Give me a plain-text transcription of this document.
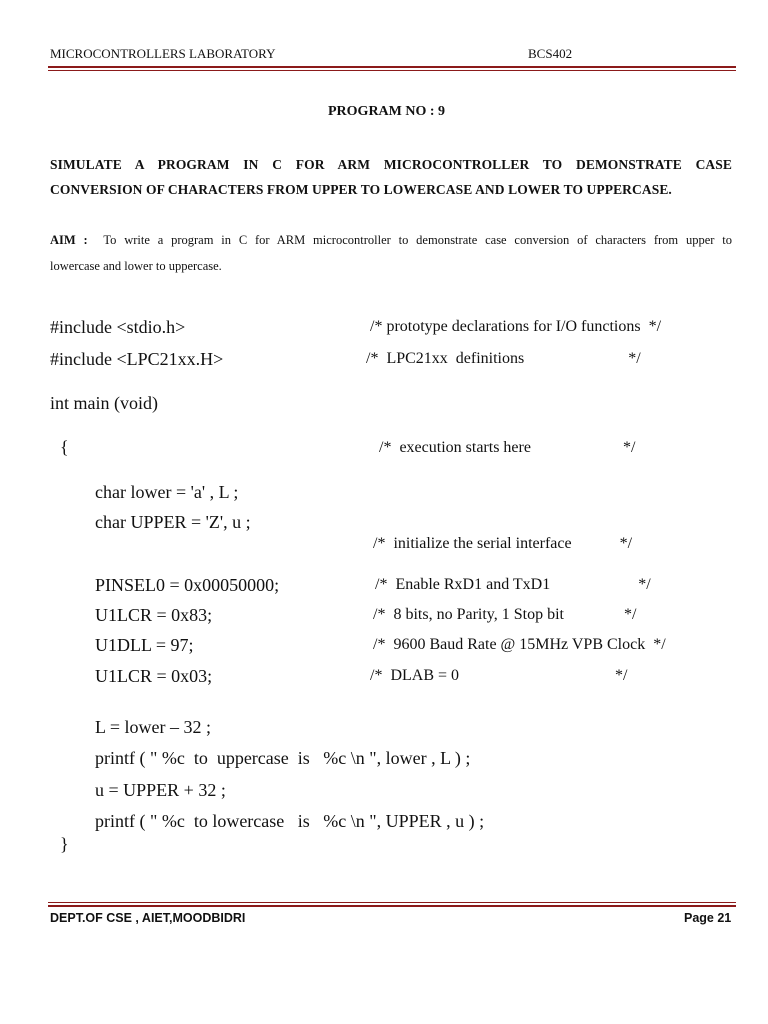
MICROCONTROLLERS LABORATORY	BCS402
PROGRAM NO : 9
SIMULATE A PROGRAM IN C FOR ARM MICROCONTROLLER TO DEMONSTRATE CASE
CONVERSION OF CHARACTERS FROM UPPER TO LOWERCASE AND LOWER TO UPPERCASE.
AIM : To write a program in C for ARM microcontroller to demonstrate case conversion of characters from upper to
lowercase and lower to uppercase.
#include <stdio.h>	/* prototype declarations for I/O functions  */
#include <LPC21xx.H>	/*  LPC21xx  definitions                          */
int main (void)
{	/*  execution starts here                       */
char lower = 'a' , L ;
char UPPER = 'Z', u ;
/*  initialize the serial interface            */
PINSEL0 = 0x00050000;	/*  Enable RxD1 and TxD1                      */
U1LCR = 0x83;	/*  8 bits, no Parity, 1 Stop bit               */
U1DLL = 97;	/*  9600 Baud Rate @ 15MHz VPB Clock  */
U1LCR = 0x03;	/*  DLAB = 0                                       */
L = lower – 32 ;
printf ( " %c  to  uppercase  is   %c \n ", lower , L ) ;
u = UPPER + 32 ;
printf ( " %c  to lowercase   is   %c \n ", UPPER , u ) ;
}
DEPT.OF CSE , AIET,MOODBIDRI	Page 21
